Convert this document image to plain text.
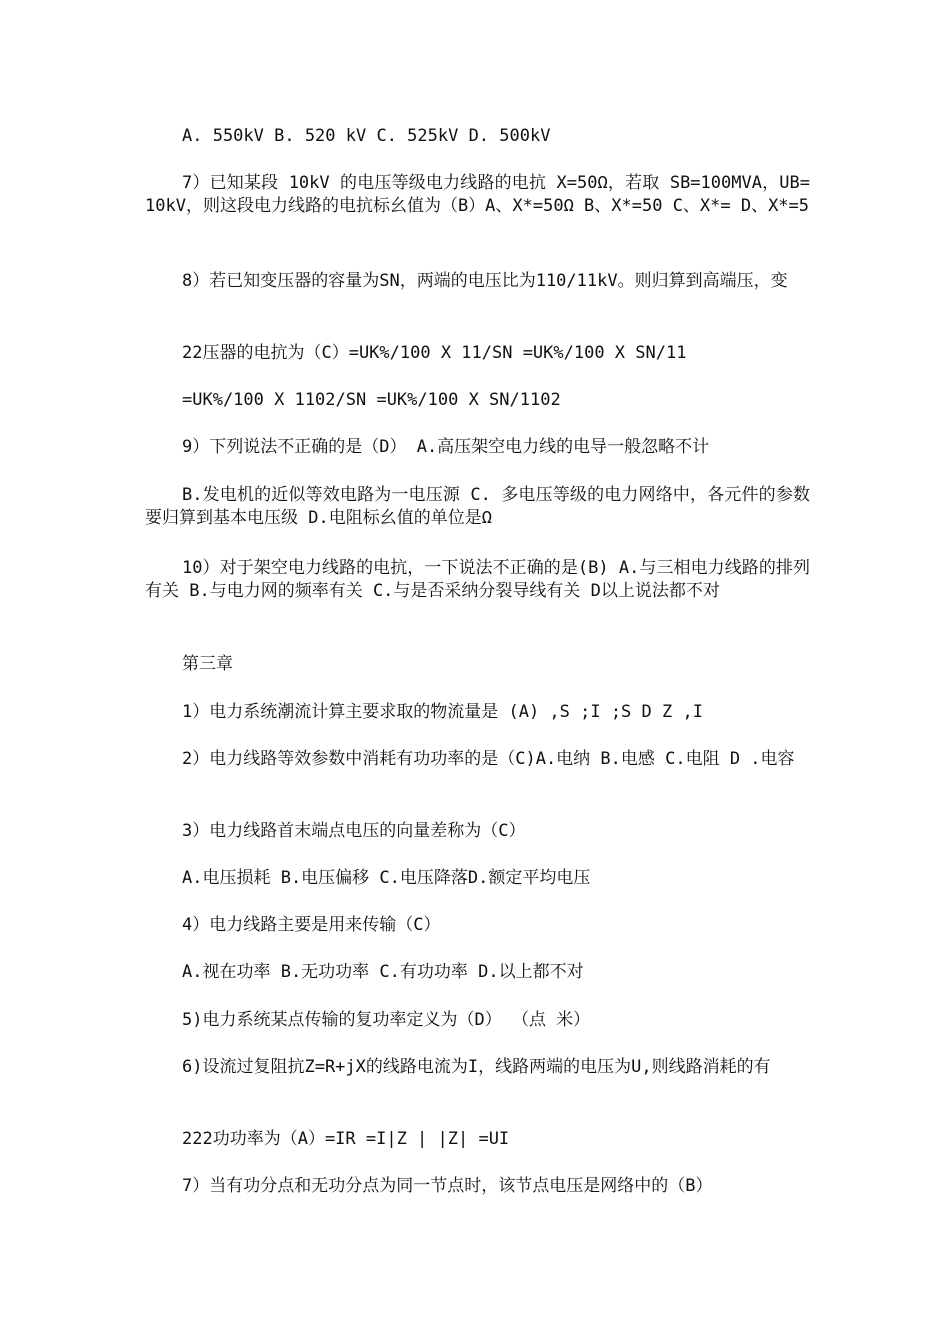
A. 550kV B. 520 kV C. 525kV D. 500kV

7）已知某段 10kV 的电压等级电力线路的电抗 X=50Ω，若取 SB=100MVA，UB=10kV，则这段电力线路的电抗标幺值为（B）A、X*=50Ω B、X*=50 C、X*= D、X*=5

8）若已知变压器的容量为SN，两端的电压比为110/11kV。则归算到高端压，变

22压器的电抗为（C）=UK%/100 X 11/SN =UK%/100 X SN/11

=UK%/100 X 1102/SN =UK%/100 X SN/1102

9）下列说法不正确的是（D） A.高压架空电力线的电导一般忽略不计

B.发电机的近似等效电路为一电压源 C. 多电压等级的电力网络中，各元件的参数要归算到基本电压级 D.电阻标幺值的单位是Ω

10）对于架空电力线路的电抗，一下说法不正确的是(B) A.与三相电力线路的排列有关 B.与电力网的频率有关 C.与是否采纳分裂导线有关 D以上说法都不对

第三章

1）电力系统潮流计算主要求取的物流量是 (A) ,S ;I ;S D Z ,I

2）电力线路等效参数中消耗有功功率的是（C)A.电纳 B.电感 C.电阻 D .电容

3）电力线路首末端点电压的向量差称为（C）

A.电压损耗 B.电压偏移 C.电压降落D.额定平均电压

4）电力线路主要是用来传输（C）

A.视在功率 B.无功功率 C.有功功率 D.以上都不对

5)电力系统某点传输的复功率定义为（D） （点 米）

6)设流过复阻抗Z=R+jX的线路电流为I，线路两端的电压为U,则线路消耗的有

222功功率为（A）=IR =I|Z | |Z| =UI

7）当有功分点和无功分点为同一节点时，该节点电压是网络中的（B）
